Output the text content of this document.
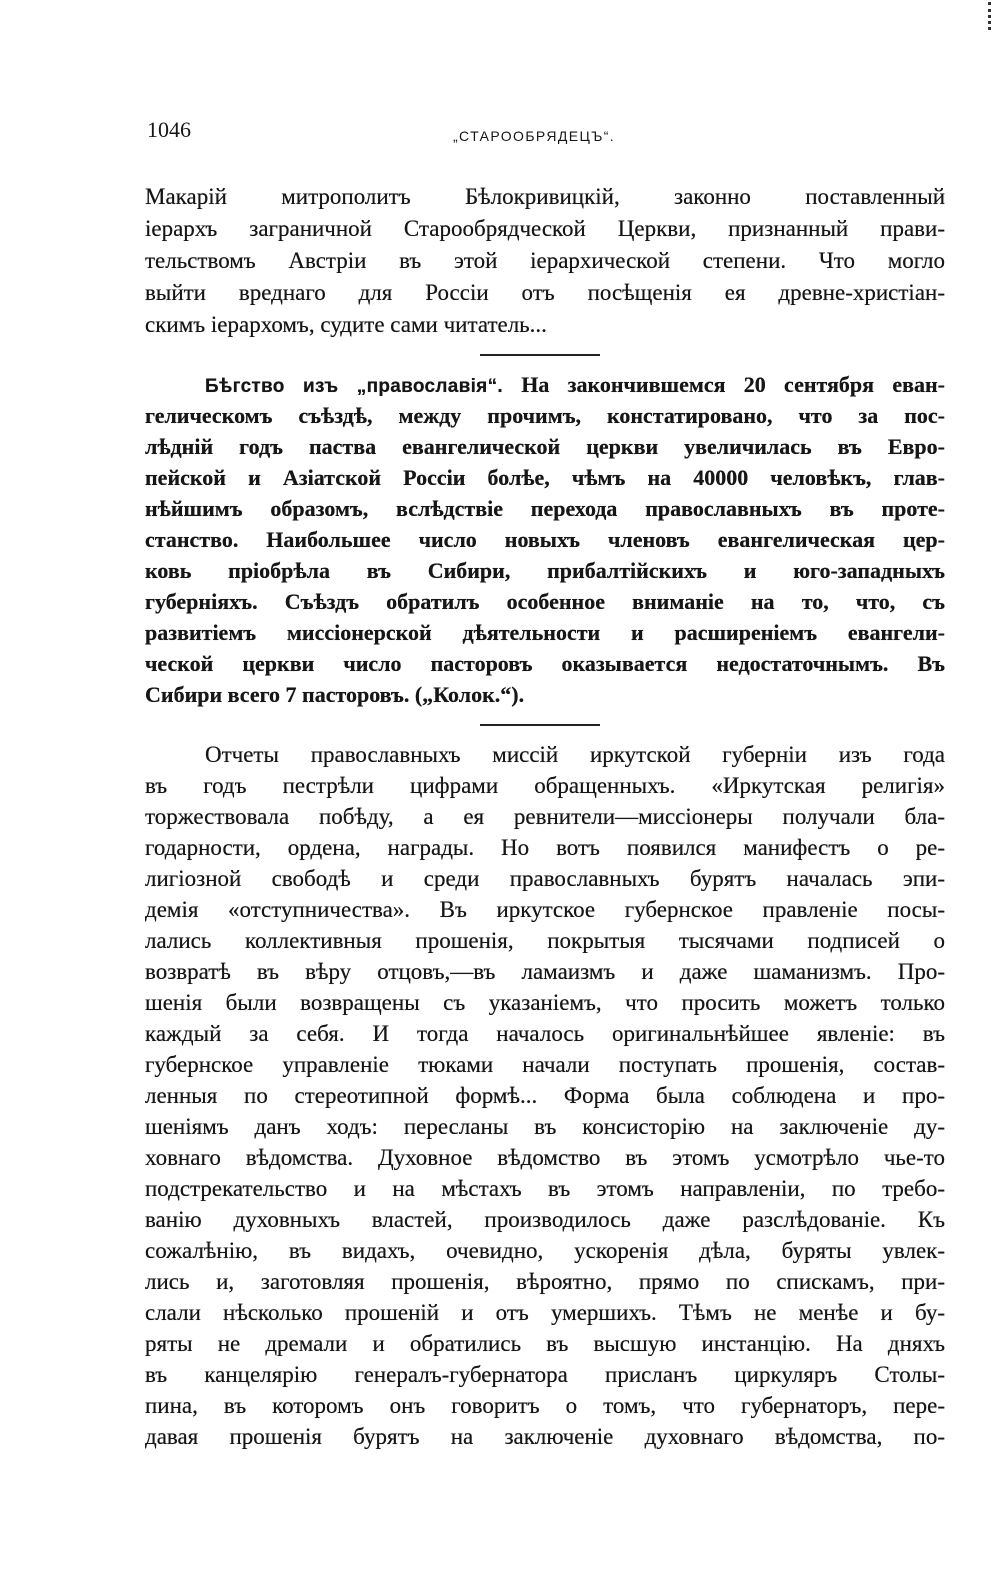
1046	„СТАРООБРЯДЕЦЪ“.
Макарій митрополитъ Бѣлокривицкій, законно поставленный
іерархъ заграничной Старообрядческой Церкви, признанный прави-
тельствомъ Австріи въ этой іерархической степени. Что могло
выйти вреднаго для Россіи отъ посѣщенія ея древне-христіан-
скимъ іерархомъ, судите сами читатель...
Бѣгство изъ „православія“. На закончившемся 20 сентября еван-
гелическомъ съѣздѣ, между прочимъ, констатировано, что за пос-
лѣдній годъ паства евангелической церкви увеличилась въ Евро-
пейской и Азіатской Россіи болѣе, чѣмъ на 40000 человѣкъ, глав-
нѣйшимъ образомъ, вслѣдствіе перехода православныхъ въ проте-
станство. Наибольшее число новыхъ членовъ евангелическая цер-
ковь пріобрѣла въ Сибири, прибалтійскихъ и юго-западныхъ
губерніяхъ. Съѣздъ обратилъ особенное вниманіе на то, что, съ
развитіемъ миссіонерской дѣятельности и расширеніемъ евангели-
ческой церкви число пасторовъ оказывается недостаточнымъ. Въ
Сибири всего 7 пасторовъ. („Колок.“).
Отчеты православныхъ миссій иркутской губерніи изъ года
въ годъ пестрѣли цифрами обращенныхъ. «Иркутская религія»
торжествовала побѣду, а ея ревнители—миссіонеры получали бла-
годарности, ордена, награды. Но вотъ появился манифестъ о ре-
лигіозной свободѣ и среди православныхъ бурятъ началась эпи-
демія «отступничества». Въ иркутское губернское правленіе посы-
лались коллективныя прошенія, покрытыя тысячами подписей о
возвратѣ въ вѣру отцовъ,—въ ламаизмъ и даже шаманизмъ. Про-
шенія были возвращены съ указаніемъ, что просить можетъ только
каждый за себя. И тогда началось оригинальнѣйшее явленіе: въ
губернское управленіе тюками начали поступать прошенія, состав-
ленныя по стереотипной формѣ... Форма была соблюдена и про-
шеніямъ данъ ходъ: пересланы въ консисторію на заключеніе ду-
ховнаго вѣдомства. Духовное вѣдомство въ этомъ усмотрѣло чье-то
подстрекательство и на мѣстахъ въ этомъ направленіи, по требо-
ванію духовныхъ властей, производилось даже разслѣдованіе. Къ
сожалѣнію, въ видахъ, очевидно, ускоренія дѣла, буряты увлек-
лись и, заготовляя прошенія, вѣроятно, прямо по спискамъ, при-
слали нѣсколько прошеній и отъ умершихъ. Тѣмъ не менѣе и бу-
ряты не дремали и обратились въ высшую инстанцію. На дняхъ
въ канцелярію генералъ-губернатора присланъ циркуляръ Столы-
пина, въ которомъ онъ говоритъ о томъ, что губернаторъ, пере-
давая прошенія бурятъ на заключеніе духовнаго вѣдомства, по-
